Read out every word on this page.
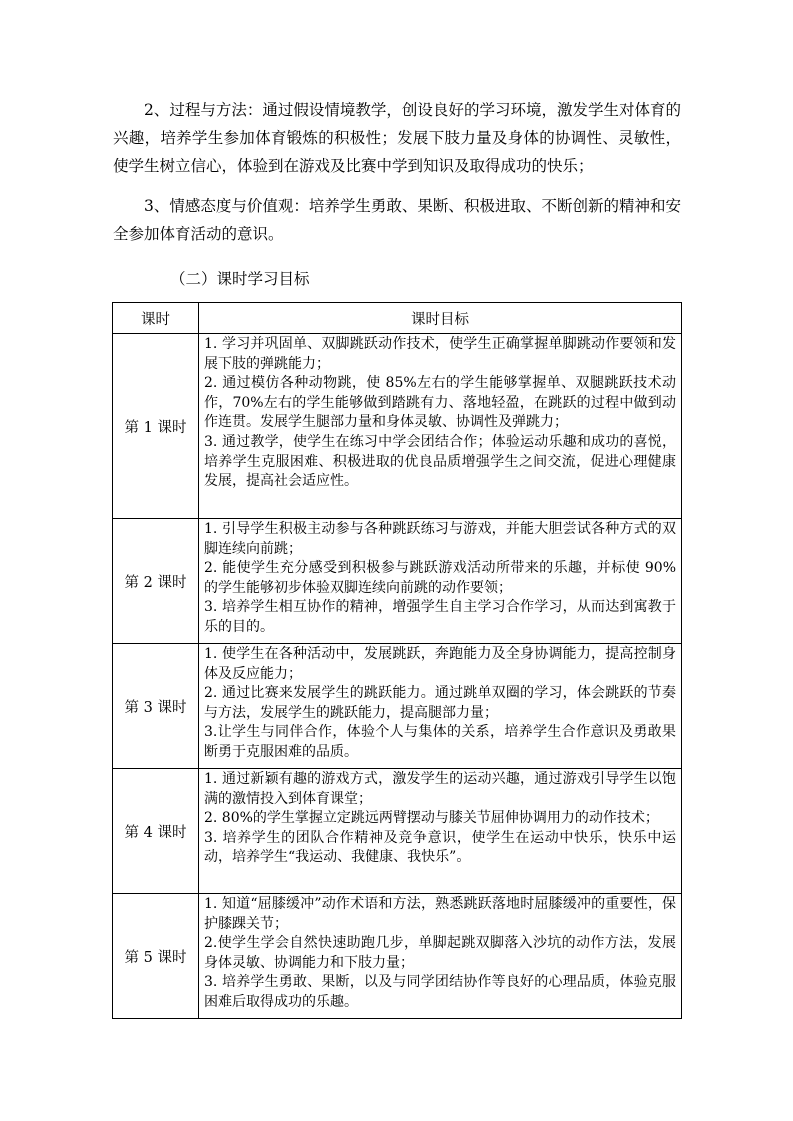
2、过程与方法：通过假设情境教学，创设良好的学习环境，激发学生对体育的兴趣，培养学生参加体育锻炼的积极性；发展下肢力量及身体的协调性、灵敏性，使学生树立信心，体验到在游戏及比赛中学到知识及取得成功的快乐；

3、情感态度与价值观：培养学生勇敢、果断、积极进取、不断创新的精神和安全参加体育活动的意识。

（二）课时学习目标

课时	课时目标
第 1 课时	1. 学习并巩固单、双脚跳跃动作技术，使学生正确掌握单脚跳动作要领和发展下肢的弹跳能力；

2. 通过模仿各种动物跳，使 85%左右的学生能够掌握单、双腿跳跃技术动作，70%左右的学生能够做到踏跳有力、落地轻盈，在跳跃的过程中做到动作连贯。发展学生腿部力量和身体灵敏、协调性及弹跳力；

3. 通过教学，使学生在练习中学会团结合作；体验运动乐趣和成功的喜悦，培养学生克服困难、积极进取的优良品质增强学生之间交流，促进心理健康发展，提高社会适应性。

第 2 课时	1. 引导学生积极主动参与各种跳跃练习与游戏，并能大胆尝试各种方式的双脚连续向前跳；

2. 能使学生充分感受到积极参与跳跃游戏活动所带来的乐趣，并标使 90%的学生能够初步体验双脚连续向前跳的动作要领；

3. 培养学生相互协作的精神，增强学生自主学习合作学习，从而达到寓教于乐的目的。

第 3 课时	1. 使学生在各种活动中，发展跳跃，奔跑能力及全身协调能力，提高控制身体及反应能力；

2. 通过比赛来发展学生的跳跃能力。通过跳单双圈的学习，体会跳跃的节奏与方法，发展学生的跳跃能力，提高腿部力量；

3.让学生与同伴合作，体验个人与集体的关系，培养学生合作意识及勇敢果断勇于克服困难的品质。

第 4 课时	1. 通过新颖有趣的游戏方式，激发学生的运动兴趣，通过游戏引导学生以饱满的激情投入到体育课堂；

2. 80%的学生掌握立定跳远两臂摆动与膝关节屈伸协调用力的动作技术；

3. 培养学生的团队合作精神及竞争意识，使学生在运动中快乐，快乐中运动，培养学生“我运动、我健康、我快乐”。

第 5 课时	1. 知道“屈膝缓冲”动作术语和方法，熟悉跳跃落地时屈膝缓冲的重要性，保护膝踝关节；

2.使学生学会自然快速助跑几步，单脚起跳双脚落入沙坑的动作方法，发展身体灵敏、协调能力和下肢力量；

3. 培养学生勇敢、果断，以及与同学团结协作等良好的心理品质，体验克服困难后取得成功的乐趣。
